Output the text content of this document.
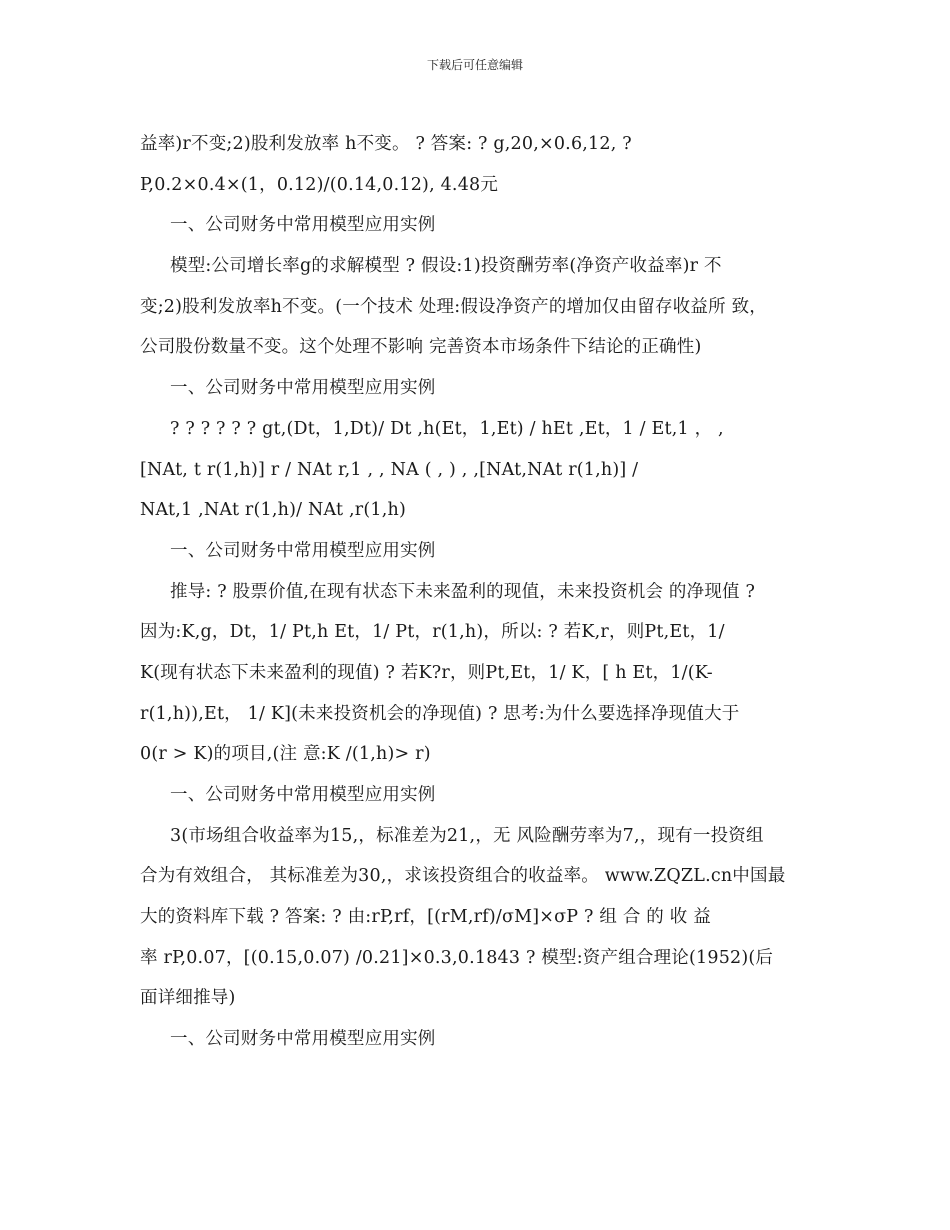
下载后可任意编辑
益率)r不变;2)股利发放率 h不变。 ? 答案: ? g,20,×0.6,12, ?
P,0.2×0.4×(1，0.12)/(0.14,0.12), 4.48元
一、公司财务中常用模型应用实例
模型:公司增长率g的求解模型 ? 假设:1)投资酬劳率(净资产收益率)r 不
变;2)股利发放率h不变。(一个技术 处理:假设净资产的增加仅由留存收益所 致，
公司股份数量不变。这个处理不影响 完善资本市场条件下结论的正确性)
一、公司财务中常用模型应用实例
? ? ? ? ? ? gt,(Dt，1,Dt)/ Dt ,h(Et，1,Et) / hEt ,Et，1 / Et,1 ， ,
[NAt, t r(1,h)] r / NAt r,1 , , NA ( , ) , ,[NAt,NAt r(1,h)] /
NAt,1 ,NAt r(1,h)/ NAt ,r(1,h)
一、公司财务中常用模型应用实例
推导: ? 股票价值,在现有状态下未来盈利的现值，未来投资机会 的净现值 ?
因为:K,g，Dt，1/ Pt,h Et，1/ Pt，r(1,h)，所以: ? 若K,r，则Pt,Et，1/
K(现有状态下未来盈利的现值) ? 若K?r，则Pt,Et，1/ K，[ h Et，1/(K-
r(1,h)),Et， 1/ K](未来投资机会的净现值) ? 思考:为什么要选择净现值大于
0(r > K)的项目,(注 意:K /(1,h)> r)
一、公司财务中常用模型应用实例
3(市场组合收益率为15,，标准差为21,，无 风险酬劳率为7,，现有一投资组
合为有效组合， 其标准差为30,，求该投资组合的收益率。 www.ZQZL.cn中国最
大的资料库下载 ? 答案: ? 由:rP,rf，[(rM,rf)/σM]×σP ? 组 合 的 收 益
率 rP,0.07，[(0.15,0.07) /0.21]×0.3,0.1843 ? 模型:资产组合理论(1952)(后
面详细推导)
一、公司财务中常用模型应用实例
